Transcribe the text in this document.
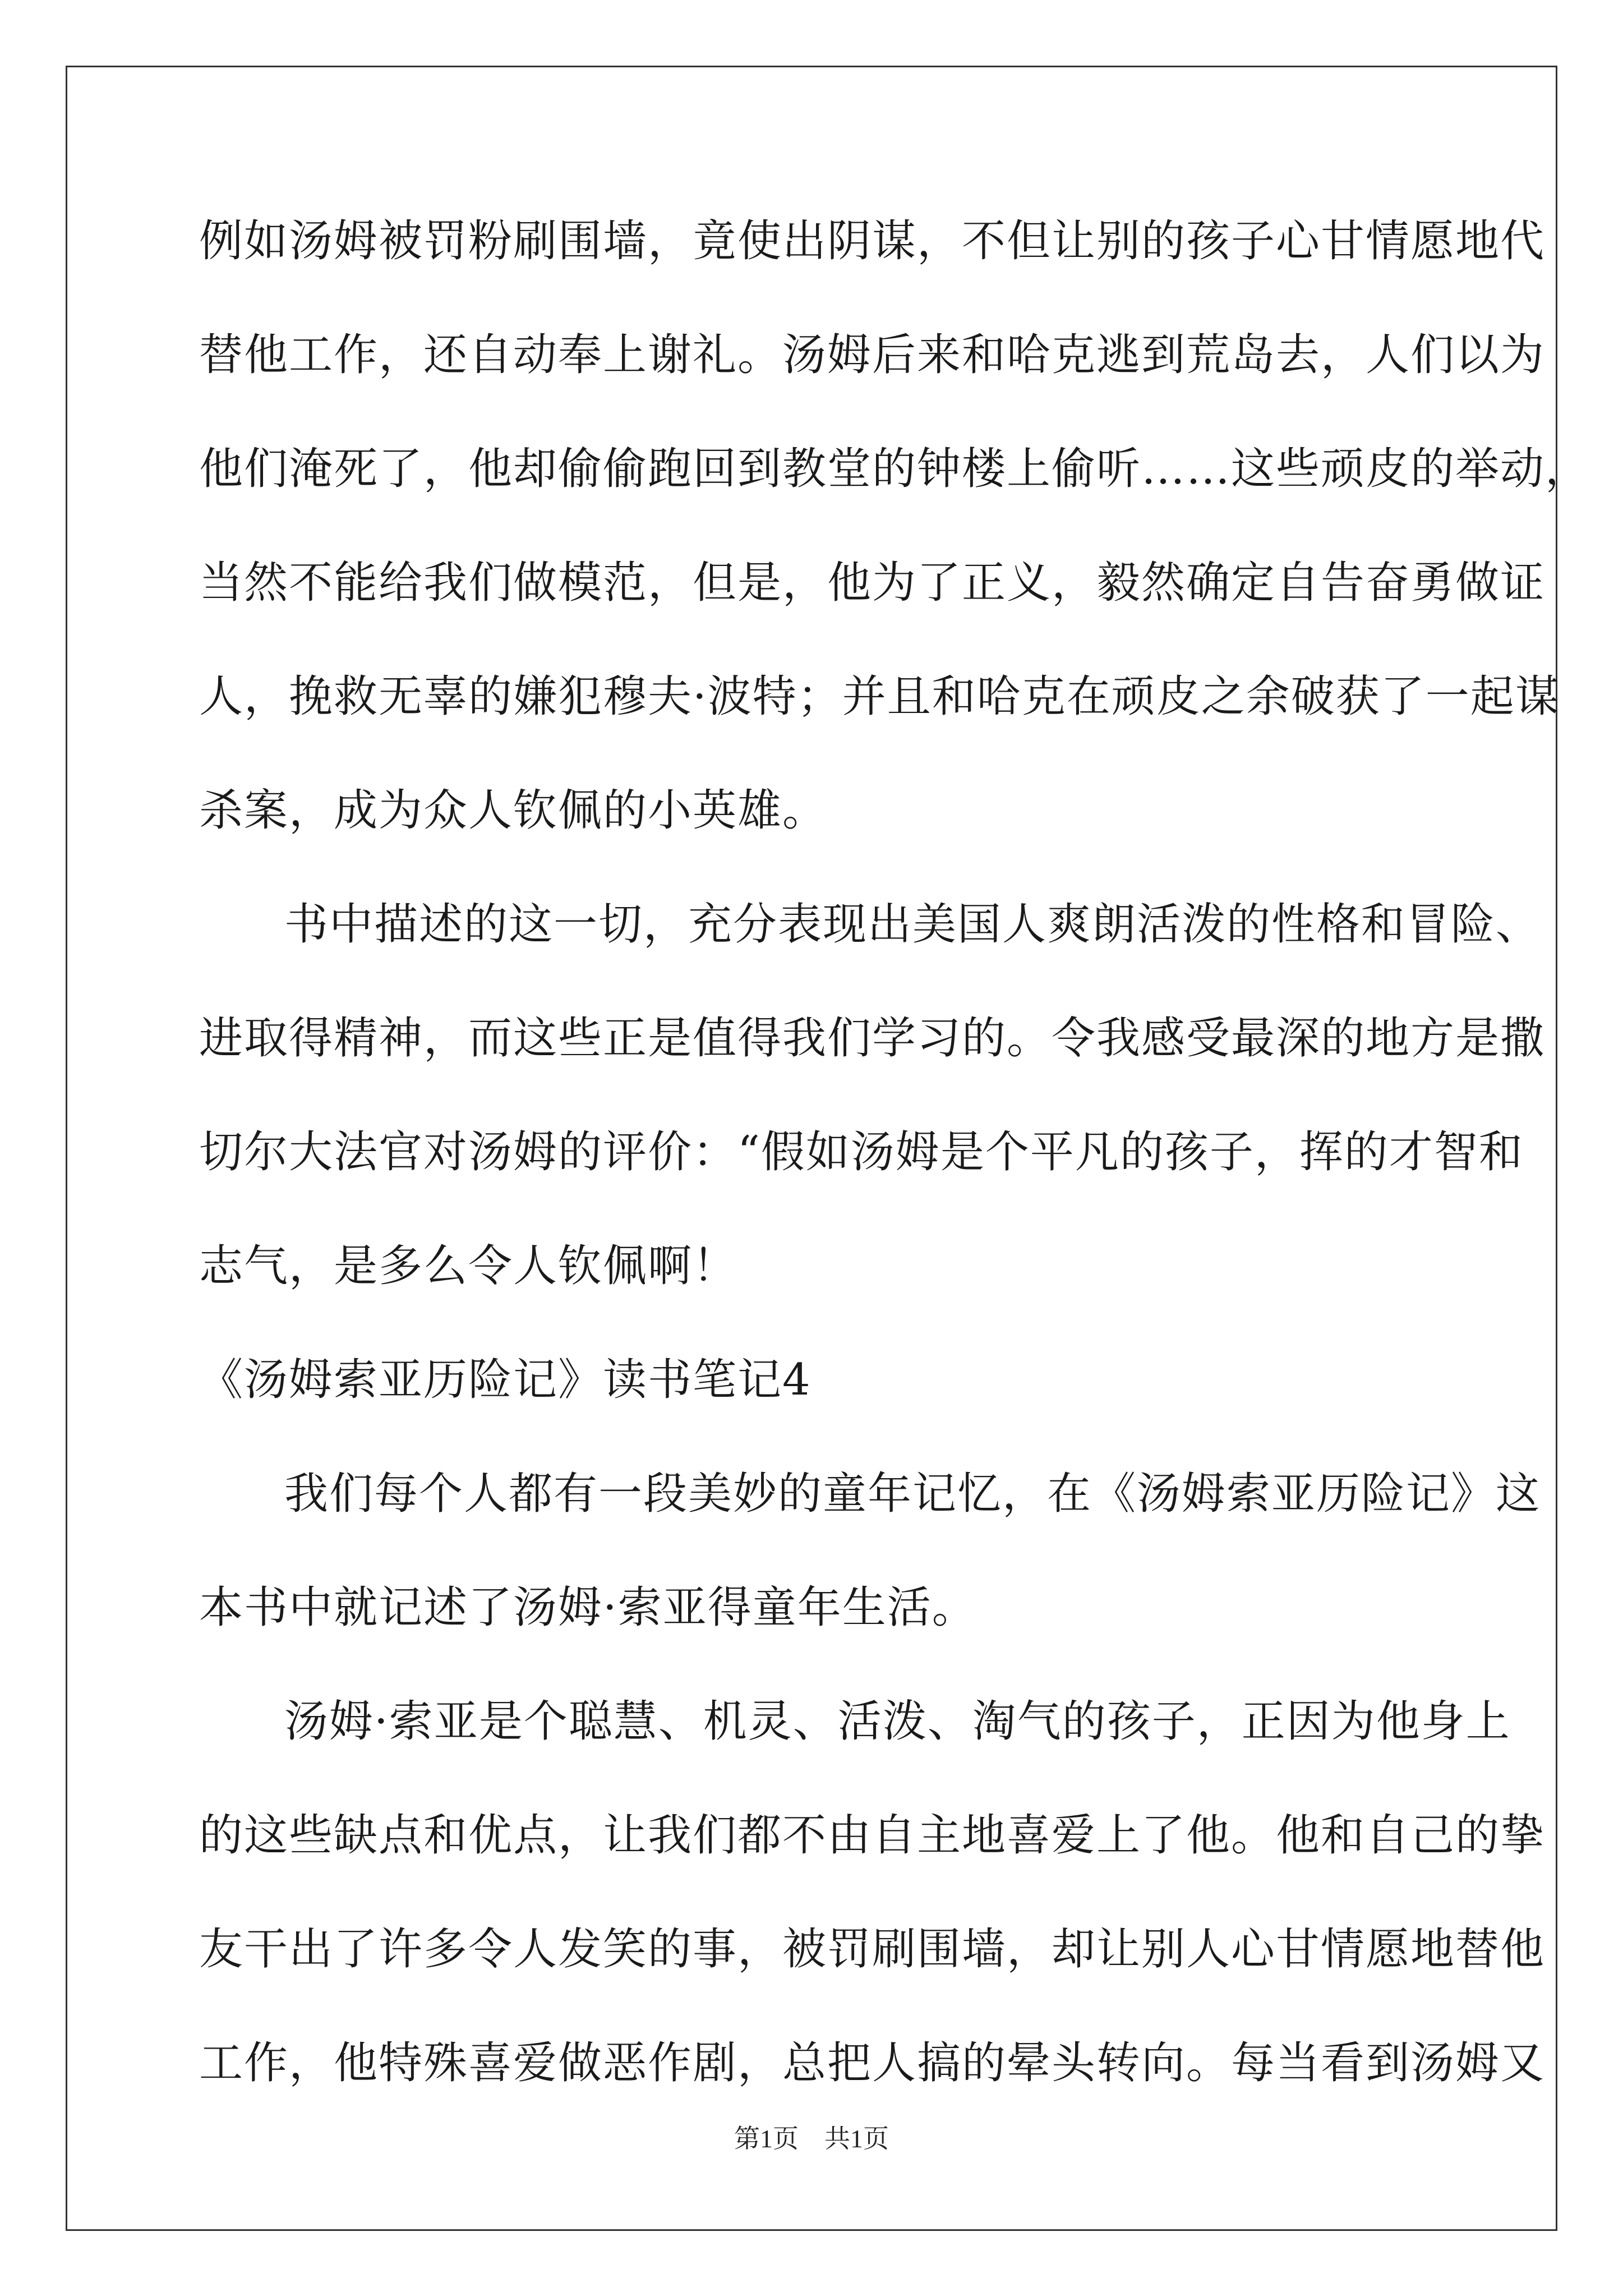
例如汤姆被罚粉刷围墙，竟使出阴谋，不但让别的孩子心甘情愿地代
替他工作，还自动奉上谢礼。汤姆后来和哈克逃到荒岛去，人们以为
他们淹死了，他却偷偷跑回到教堂的钟楼上偷听……这些顽皮的举动，
当然不能给我们做模范，但是，他为了正义，毅然确定自告奋勇做证
人，挽救无辜的嫌犯穆夫·波特；并且和哈克在顽皮之余破获了一起谋
杀案，成为众人钦佩的小英雄。
书中描述的这一切，充分表现出美国人爽朗活泼的性格和冒险、
进取得精神，而这些正是值得我们学习的。令我感受最深的地方是撒
切尔大法官对汤姆的评价：“假如汤姆是个平凡的孩子，挥的才智和
志气，是多么令人钦佩啊！
《汤姆索亚历险记》读书笔记4
我们每个人都有一段美妙的童年记忆，在《汤姆索亚历险记》这
本书中就记述了汤姆·索亚得童年生活。
汤姆·索亚是个聪慧、机灵、活泼、淘气的孩子，正因为他身上
的这些缺点和优点，让我们都不由自主地喜爱上了他。他和自己的挚
友干出了许多令人发笑的事，被罚刷围墙，却让别人心甘情愿地替他
工作，他特殊喜爱做恶作剧，总把人搞的晕头转向。每当看到汤姆又
第1页　共1页
